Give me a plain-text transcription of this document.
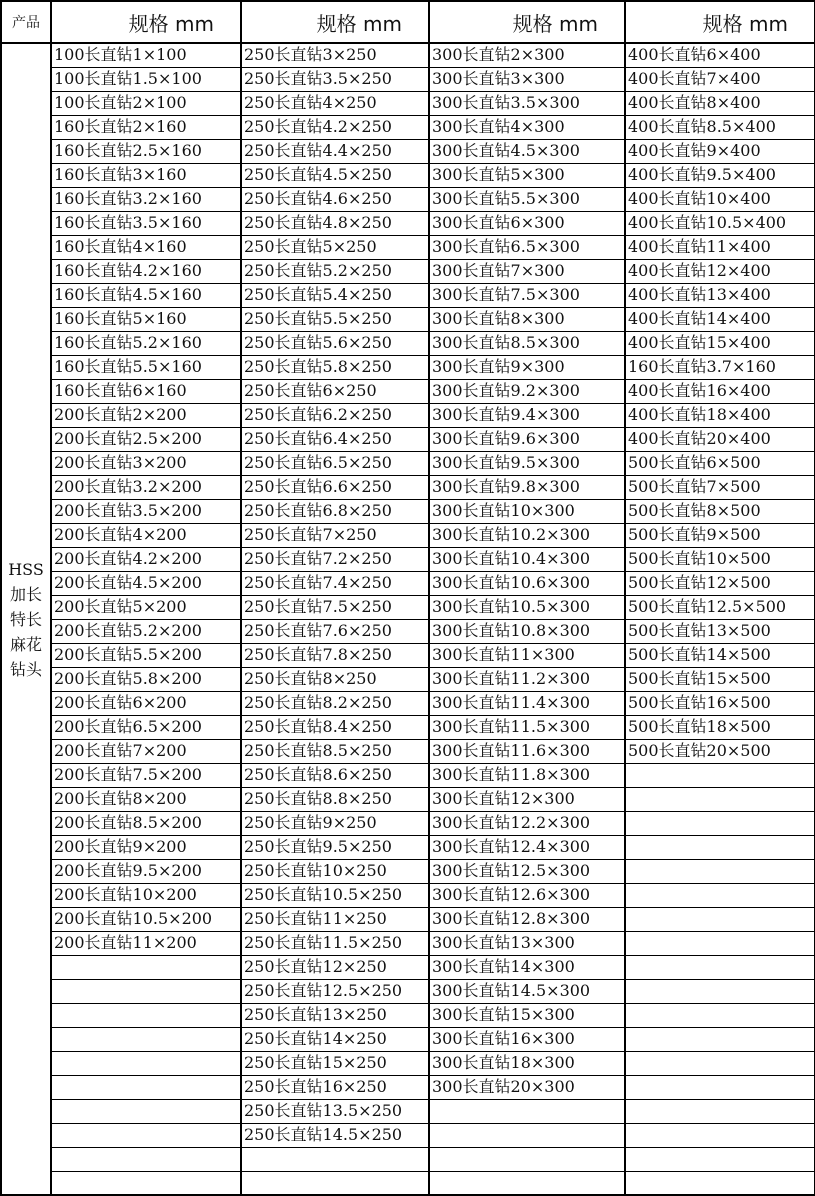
产品	规格 mm	规格 mm	规格 mm	规格 mm
HSS 加长特长麻花钻头	100长直钻1×100	250长直钻3×250	300长直钻2×300	400长直钻6×400
	100长直钻1.5×100	250长直钻3.5×250	300长直钻3×300	400长直钻7×400
	100长直钻2×100	250长直钻4×250	300长直钻3.5×300	400长直钻8×400
	160长直钻2×160	250长直钻4.2×250	300长直钻4×300	400长直钻8.5×400
	160长直钻2.5×160	250长直钻4.4×250	300长直钻4.5×300	400长直钻9×400
	160长直钻3×160	250长直钻4.5×250	300长直钻5×300	400长直钻9.5×400
	160长直钻3.2×160	250长直钻4.6×250	300长直钻5.5×300	400长直钻10×400
	160长直钻3.5×160	250长直钻4.8×250	300长直钻6×300	400长直钻10.5×400
	160长直钻4×160	250长直钻5×250	300长直钻6.5×300	400长直钻11×400
	160长直钻4.2×160	250长直钻5.2×250	300长直钻7×300	400长直钻12×400
	160长直钻4.5×160	250长直钻5.4×250	300长直钻7.5×300	400长直钻13×400
	160长直钻5×160	250长直钻5.5×250	300长直钻8×300	400长直钻14×400
	160长直钻5.2×160	250长直钻5.6×250	300长直钻8.5×300	400长直钻15×400
	160长直钻5.5×160	250长直钻5.8×250	300长直钻9×300	160长直钻3.7×160
	160长直钻6×160	250长直钻6×250	300长直钻9.2×300	400长直钻16×400
	200长直钻2×200	250长直钻6.2×250	300长直钻9.4×300	400长直钻18×400
	200长直钻2.5×200	250长直钻6.4×250	300长直钻9.6×300	400长直钻20×400
	200长直钻3×200	250长直钻6.5×250	300长直钻9.5×300	500长直钻6×500
	200长直钻3.2×200	250长直钻6.6×250	300长直钻9.8×300	500长直钻7×500
	200长直钻3.5×200	250长直钻6.8×250	300长直钻10×300	500长直钻8×500
	200长直钻4×200	250长直钻7×250	300长直钻10.2×300	500长直钻9×500
	200长直钻4.2×200	250长直钻7.2×250	300长直钻10.4×300	500长直钻10×500
	200长直钻4.5×200	250长直钻7.4×250	300长直钻10.6×300	500长直钻12×500
	200长直钻5×200	250长直钻7.5×250	300长直钻10.5×300	500长直钻12.5×500
	200长直钻5.2×200	250长直钻7.6×250	300长直钻10.8×300	500长直钻13×500
	200长直钻5.5×200	250长直钻7.8×250	300长直钻11×300	500长直钻14×500
	200长直钻5.8×200	250长直钻8×250	300长直钻11.2×300	500长直钻15×500
	200长直钻6×200	250长直钻8.2×250	300长直钻11.4×300	500长直钻16×500
	200长直钻6.5×200	250长直钻8.4×250	300长直钻11.5×300	500长直钻18×500
	200长直钻7×200	250长直钻8.5×250	300长直钻11.6×300	500长直钻20×500
	200长直钻7.5×200	250长直钻8.6×250	300长直钻11.8×300	
	200长直钻8×200	250长直钻8.8×250	300长直钻12×300	
	200长直钻8.5×200	250长直钻9×250	300长直钻12.2×300	
	200长直钻9×200	250长直钻9.5×250	300长直钻12.4×300	
	200长直钻9.5×200	250长直钻10×250	300长直钻12.5×300	
	200长直钻10×200	250长直钻10.5×250	300长直钻12.6×300	
	200长直钻10.5×200	250长直钻11×250	300长直钻12.8×300	
	200长直钻11×200	250长直钻11.5×250	300长直钻13×300	
		250长直钻12×250	300长直钻14×300	
		250长直钻12.5×250	300长直钻14.5×300	
		250长直钻13×250	300长直钻15×300	
		250长直钻14×250	300长直钻16×300	
		250长直钻15×250	300长直钻18×300	
		250长直钻16×250	300长直钻20×300	
		250长直钻13.5×250		
		250长直钻14.5×250		
